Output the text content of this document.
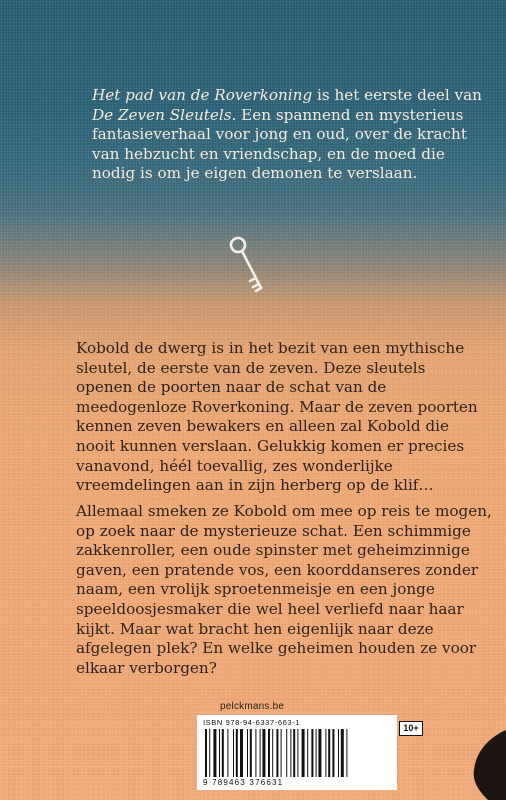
Het pad van de Roverkoning is het eerste deel van
De Zeven Sleutels. Een spannend en mysterieus fantasieverhaal voor jong en oud, over de kracht van hebzucht en vriendschap, en de moed die nodig is om je eigen demonen te verslaan.

Kobold de dwerg is in het bezit van een mythische sleutel, de eerste van de zeven. Deze sleutels openen de poorten naar de schat van de meedogenloze Roverkoning. Maar de zeven poorten kennen zeven bewakers en alleen zal Kobold die nooit kunnen verslaan. Gelukkig komen er precies vanavond, héél toevallig, zes wonderlijke vreemdelingen aan in zijn herberg op de klif…

Allemaal smeken ze Kobold om mee op reis te mogen, op zoek naar de mysterieuze schat. Een schimmige zakkenroller, een oude spinster met geheimzinnige gaven, een pratende vos, een koorddanseres zonder naam, een vrolijk sproetenmeisje en een jonge speeldoosjesmaker die wel heel verliefd naar haar kijkt. Maar wat bracht hen eigenlijk naar deze afgelegen plek? En welke geheimen houden ze voor elkaar verborgen?

pelckmans.be
ISBN 978-94-6337-663-1
9 789463 376631
10+
